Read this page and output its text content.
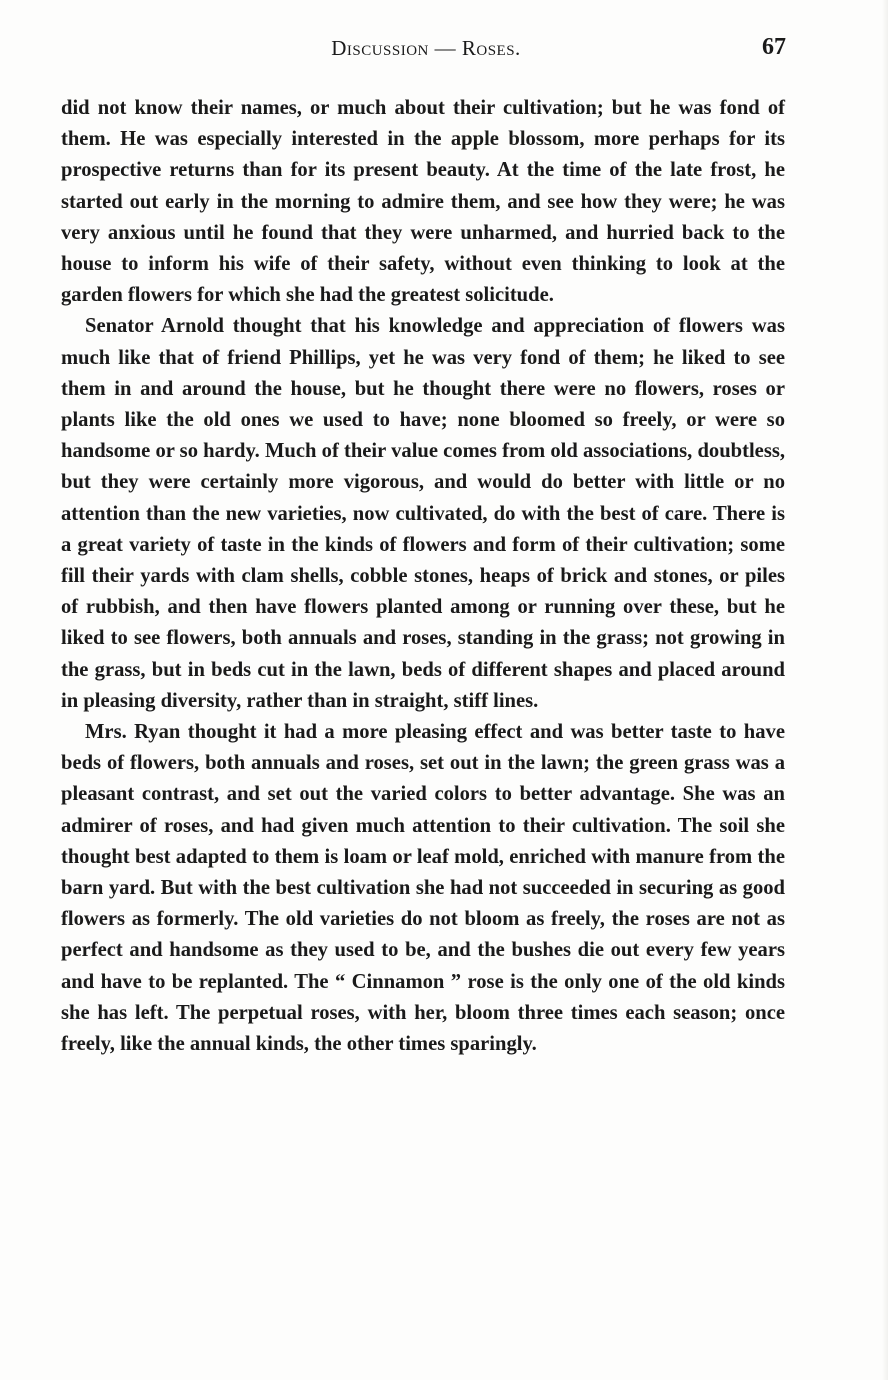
Discussion — Roses.	67

did not know their names, or much about their cultivation; but he was fond of them. He was especially interested in the apple blossom, more perhaps for its prospective returns than for its present beauty. At the time of the late frost, he started out early in the morning to admire them, and see how they were; he was very anxious until he found that they were unharmed, and hurried back to the house to inform his wife of their safety, without even thinking to look at the garden flowers for which she had the greatest solicitude.

Senator Arnold thought that his knowledge and appreciation of flowers was much like that of friend Phillips, yet he was very fond of them; he liked to see them in and around the house, but he thought there were no flowers, roses or plants like the old ones we used to have; none bloomed so freely, or were so handsome or so hardy. Much of their value comes from old associations, doubtless, but they were certainly more vigorous, and would do better with little or no attention than the new varieties, now cultivated, do with the best of care. There is a great variety of taste in the kinds of flowers and form of their cultivation; some fill their yards with clam shells, cobble stones, heaps of brick and stones, or piles of rubbish, and then have flowers planted among or running over these, but he liked to see flowers, both annuals and roses, standing in the grass; not growing in the grass, but in beds cut in the lawn, beds of different shapes and placed around in pleasing diversity, rather than in straight, stiff lines.

Mrs. Ryan thought it had a more pleasing effect and was better taste to have beds of flowers, both annuals and roses, set out in the lawn; the green grass was a pleasant contrast, and set out the varied colors to better advantage. She was an admirer of roses, and had given much attention to their cultivation. The soil she thought best adapted to them is loam or leaf mold, enriched with manure from the barn yard. But with the best cultivation she had not succeeded in securing as good flowers as formerly. The old varieties do not bloom as freely, the roses are not as perfect and handsome as they used to be, and the bushes die out every few years and have to be replanted. The “ Cinnamon ” rose is the only one of the old kinds she has left. The perpetual roses, with her, bloom three times each season; once freely, like the annual kinds, the other times sparingly.
